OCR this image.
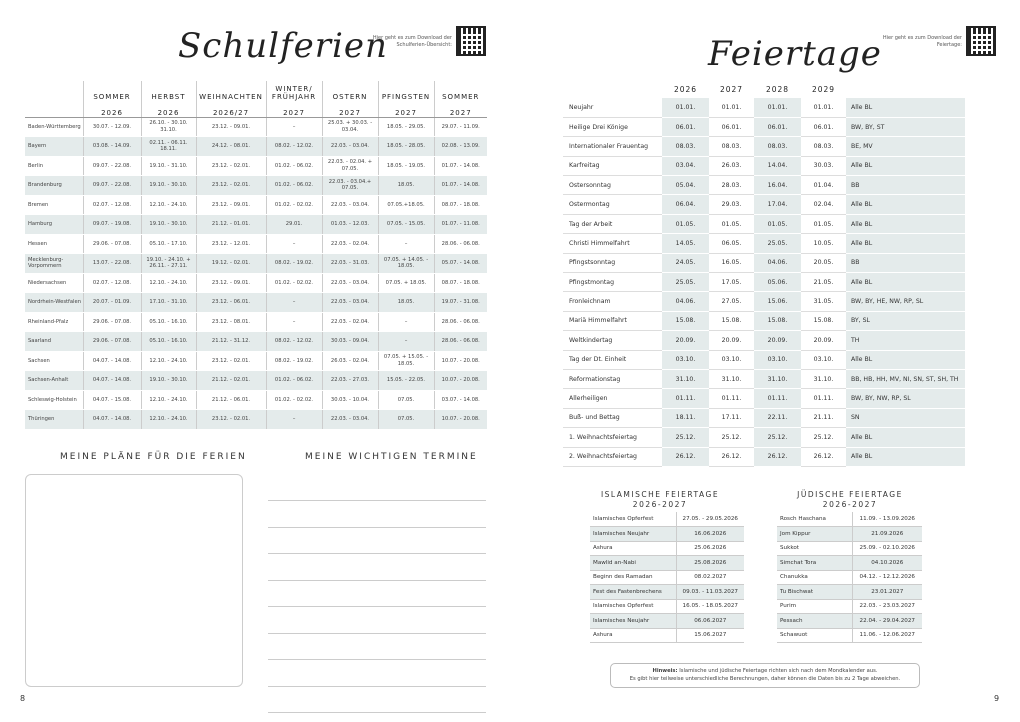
Schulferien
Hier geht es zum Download der Schulferien-Übersicht:
	SOMMER	HERBST	WEIHNACHTEN	WINTER/ FRÜHJAHR	OSTERN	PFINGSTEN	SOMMER
	2026	2026	2026/27	2027	2027	2027	2027
Baden-Württemberg	30.07. - 12.09.	26.10. - 30.10. 31.10.	23.12. - 09.01.	–	25.03. + 30.03. - 03.04.	18.05. - 29.05.	29.07. - 11.09.
Bayern	03.08. - 14.09.	02.11. - 06.11. 18.11.	24.12. - 08.01.	08.02. - 12.02.	22.03. - 03.04.	18.05. - 28.05.	02.08. - 13.09.
Berlin	09.07. - 22.08.	19.10. - 31.10.	23.12. - 02.01.	01.02. - 06.02.	22.03. - 02.04. + 07.05.	18.05. - 19.05.	01.07. - 14.08.
Brandenburg	09.07. - 22.08.	19.10. - 30.10.	23.12. - 02.01.	01.02. - 06.02.	22.03. - 03.04.+ 07.05.	18.05.	01.07. - 14.08.
Bremen	02.07. - 12.08.	12.10. - 24.10.	23.12. - 09.01.	01.02. - 02.02.	22.03. - 03.04.	07.05.+18.05.	08.07. - 18.08.
Hamburg	09.07. - 19.08.	19.10. - 30.10.	21.12. - 01.01.	29.01.	01.03. - 12.03.	07.05. - 15.05.	01.07. - 11.08.
Hessen	29.06. - 07.08.	05.10. - 17.10.	23.12. - 12.01.	–	22.03. - 02.04.	–	28.06. - 06.08.
Mecklenburg-Vorpommern	13.07. - 22.08.	19.10. - 24.10. + 26.11. - 27.11.	19.12. - 02.01.	08.02. - 19.02.	22.03. - 31.03.	07.05. + 14.05. - 18.05.	05.07. - 14.08.
Niedersachsen	02.07. - 12.08.	12.10. - 24.10.	23.12. - 09.01.	01.02. - 02.02.	22.03. - 03.04.	07.05. + 18.05.	08.07. - 18.08.
Nordrhein-Westfalen	20.07. - 01.09.	17.10. - 31.10.	23.12. - 06.01.	–	22.03. - 03.04.	18.05.	19.07. - 31.08.
Rheinland-Pfalz	29.06. - 07.08.	05.10. - 16.10.	23.12. - 08.01.	–	22.03. - 02.04.	–	28.06. - 06.08.
Saarland	29.06. - 07.08.	05.10. - 16.10.	21.12. - 31.12.	08.02. - 12.02.	30.03. - 09.04.	–	28.06. - 06.08.
Sachsen	04.07. - 14.08.	12.10. - 24.10.	23.12. - 02.01.	08.02. - 19.02.	26.03. - 02.04.	07.05. + 15.05. - 18.05.	10.07. - 20.08.
Sachsen-Anhalt	04.07. - 14.08.	19.10. - 30.10.	21.12. - 02.01.	01.02. - 06.02.	22.03. - 27.03.	15.05. - 22.05.	10.07. - 20.08.
Schleswig-Holstein	04.07. - 15.08.	12.10. - 24.10.	21.12. - 06.01.	01.02. - 02.02.	30.03. - 10.04.	07.05.	03.07. - 14.08.
Thüringen	04.07. - 14.08.	12.10. - 24.10.	23.12. - 02.01.	–	22.03. - 03.04.	07.05.	10.07. - 20.08.
MEINE PLÄNE FÜR DIE FERIEN	MEINE WICHTIGEN TERMINE
8
Feiertage Hier geht es zum Download der Feiertage:
	2026	2027	2028	2029	
Neujahr	01.01.	01.01.	01.01.	01.01.	Alle BL
Heilige Drei Könige	06.01.	06.01.	06.01.	06.01.	BW, BY, ST
Internationaler Frauentag	08.03.	08.03.	08.03.	08.03.	BE, MV
Karfreitag	03.04.	26.03.	14.04.	30.03.	Alle BL
Ostersonntag	05.04.	28.03.	16.04.	01.04.	BB
Ostermontag	06.04.	29.03.	17.04.	02.04.	Alle BL
Tag der Arbeit	01.05.	01.05.	01.05.	01.05.	Alle BL
Christi Himmelfahrt	14.05.	06.05.	25.05.	10.05.	Alle BL
Pfingstsonntag	24.05.	16.05.	04.06.	20.05.	BB
Pfingstmontag	25.05.	17.05.	05.06.	21.05.	Alle BL
Fronleichnam	04.06.	27.05.	15.06.	31.05.	BW, BY, HE, NW, RP, SL
Mariä Himmelfahrt	15.08.	15.08.	15.08.	15.08.	BY, SL
Weltkindertag	20.09.	20.09.	20.09.	20.09.	TH
Tag der Dt. Einheit	03.10.	03.10.	03.10.	03.10.	Alle BL
Reformationstag	31.10.	31.10.	31.10.	31.10.	BB, HB, HH, MV, NI, SN, ST, SH, TH
Allerheiligen	01.11.	01.11.	01.11.	01.11.	BW, BY, NW, RP, SL
Buß- und Bettag	18.11.	17.11.	22.11.	21.11.	SN
1. Weihnachtsfeiertag	25.12.	25.12.	25.12.	25.12.	Alle BL
2. Weihnachtsfeiertag	26.12.	26.12.	26.12.	26.12.	Alle BL
ISLAMISCHE FEIERTAGE
2026-2027
Islamisches Opferfest	27.05. - 29.05.2026
Islamisches Neujahr	16.06.2026
Ashura	25.06.2026
Mawlid an-Nabi	25.08.2026
Beginn des Ramadan	08.02.2027
Fest des Fastenbrechens	09.03. - 11.03.2027
Islamisches Opferfest	16.05. - 18.05.2027
Islamisches Neujahr	06.06.2027
Ashura	15.06.2027
JÜDISCHE FEIERTAGE
2026-2027
Rosch Haschana	11.09. - 13.09.2026
Jom Kippur	21.09.2026
Sukkot	25.09. - 02.10.2026
Simchat Tora	04.10.2026
Chanukka	04.12. - 12.12.2026
Tu Bischwat	23.01.2027
Purim	22.03. - 23.03.2027
Pessach	22.04. - 29.04.2027
Schawuot	11.06. - 12.06.2027
Hinweis: Islamische und jüdische Feiertage richten sich nach dem Mondkalender aus.
Es gibt hier teilweise unterschiedliche Berechnungen, daher können die Daten bis zu 2 Tage abweichen.
9
